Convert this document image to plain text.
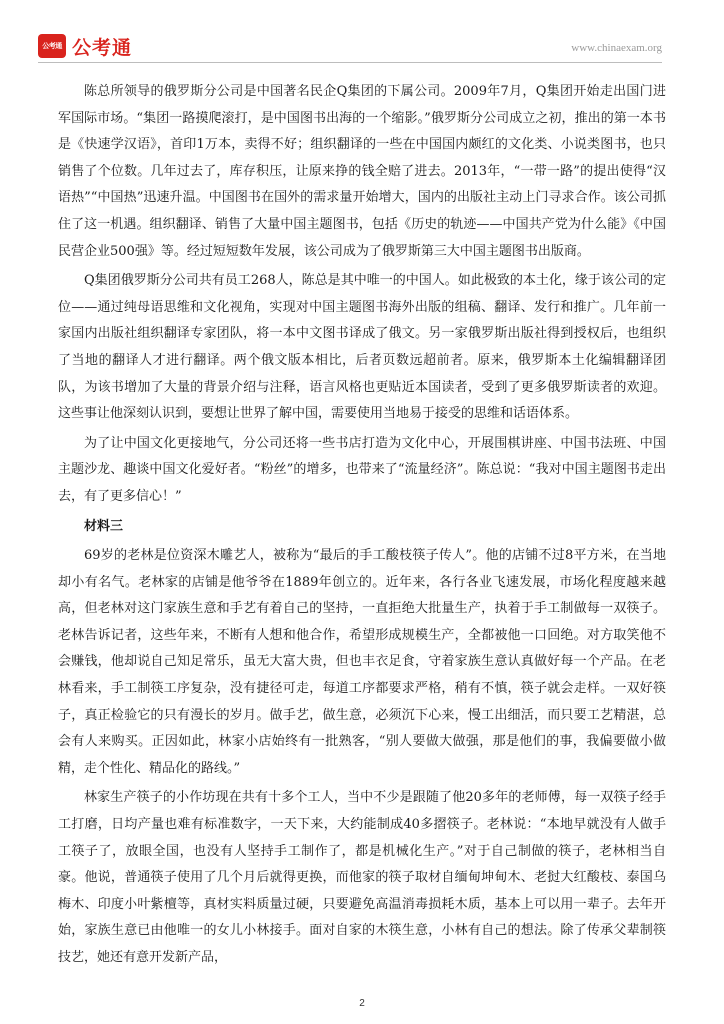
公考通 公考通	www.chinaexam.org

陈总所领导的俄罗斯分公司是中国著名民企Q集团的下属公司。2009年7月，Q集团开始走出国门进军国际市场。“集团一路摸爬滚打，是中国图书出海的一个缩影。”俄罗斯分公司成立之初，推出的第一本书是《快速学汉语》，首印1万本，卖得不好；组织翻译的一些在中国国内颇红的文化类、小说类图书，也只销售了个位数。几年过去了，库存积压，让原来挣的钱全赔了进去。2013年，“一带一路”的提出使得“汉语热”“中国热”迅速升温。中国图书在国外的需求量开始增大，国内的出版社主动上门寻求合作。该公司抓住了这一机遇。组织翻译、销售了大量中国主题图书，包括《历史的轨迹——中国共产党为什么能》《中国民营企业500强》等。经过短短数年发展，该公司成为了俄罗斯第三大中国主题图书出版商。

Q集团俄罗斯分公司共有员工268人，陈总是其中唯一的中国人。如此极致的本土化，缘于该公司的定位——通过纯母语思维和文化视角，实现对中国主题图书海外出版的组稿、翻译、发行和推广。几年前一家国内出版社组织翻译专家团队，将一本中文图书译成了俄文。另一家俄罗斯出版社得到授权后，也组织了当地的翻译人才进行翻译。两个俄文版本相比，后者页数远超前者。原来，俄罗斯本土化编辑翻译团队，为该书增加了大量的背景介绍与注释，语言风格也更贴近本国读者，受到了更多俄罗斯读者的欢迎。这些事让他深刻认识到，要想让世界了解中国，需要使用当地易于接受的思维和话语体系。

为了让中国文化更接地气，分公司还将一些书店打造为文化中心，开展围棋讲座、中国书法班、中国主题沙龙、趣谈中国文化爱好者。“粉丝”的增多，也带来了“流量经济”。陈总说：“我对中国主题图书走出去，有了更多信心！”

材料三

69岁的老林是位资深木雕艺人，被称为“最后的手工酸枝筷子传人”。他的店铺不过8平方米，在当地却小有名气。老林家的店铺是他爷爷在1889年创立的。近年来，各行各业飞速发展，市场化程度越来越高，但老林对这门家族生意和手艺有着自己的坚持，一直拒绝大批量生产，执着于手工制做每一双筷子。老林告诉记者，这些年来，不断有人想和他合作，希望形成规模生产，全都被他一口回绝。对方取笑他不会赚钱，他却说自己知足常乐，虽无大富大贵，但也丰衣足食，守着家族生意认真做好每一个产品。在老林看来，手工制筷工序复杂，没有捷径可走，每道工序都要求严格，稍有不慎，筷子就会走样。一双好筷子，真正检验它的只有漫长的岁月。做手艺，做生意，必须沉下心来，慢工出细活，而只要工艺精湛，总会有人来购买。正因如此，林家小店始终有一批熟客，“别人要做大做强，那是他们的事，我偏要做小做精，走个性化、精品化的路线。”

林家生产筷子的小作坊现在共有十多个工人，当中不少是跟随了他20多年的老师傅，每一双筷子经手工打磨，日均产量也难有标准数字，一天下来，大约能制成40多摺筷子。老林说：“本地早就没有人做手工筷子了，放眼全国，也没有人坚持手工制作了，都是机械化生产。”对于自己制做的筷子，老林相当自豪。他说，普通筷子使用了几个月后就得更换，而他家的筷子取材自缅甸坤甸木、老挝大红酸枝、泰国乌梅木、印度小叶紫檀等，真材实料质量过硬，只要避免高温消毒损耗木质，基本上可以用一辈子。去年开始，家族生意已由他唯一的女儿小林接手。面对自家的木筷生意，小林有自己的想法。除了传承父辈制筷技艺，她还有意开发新产品，

2
